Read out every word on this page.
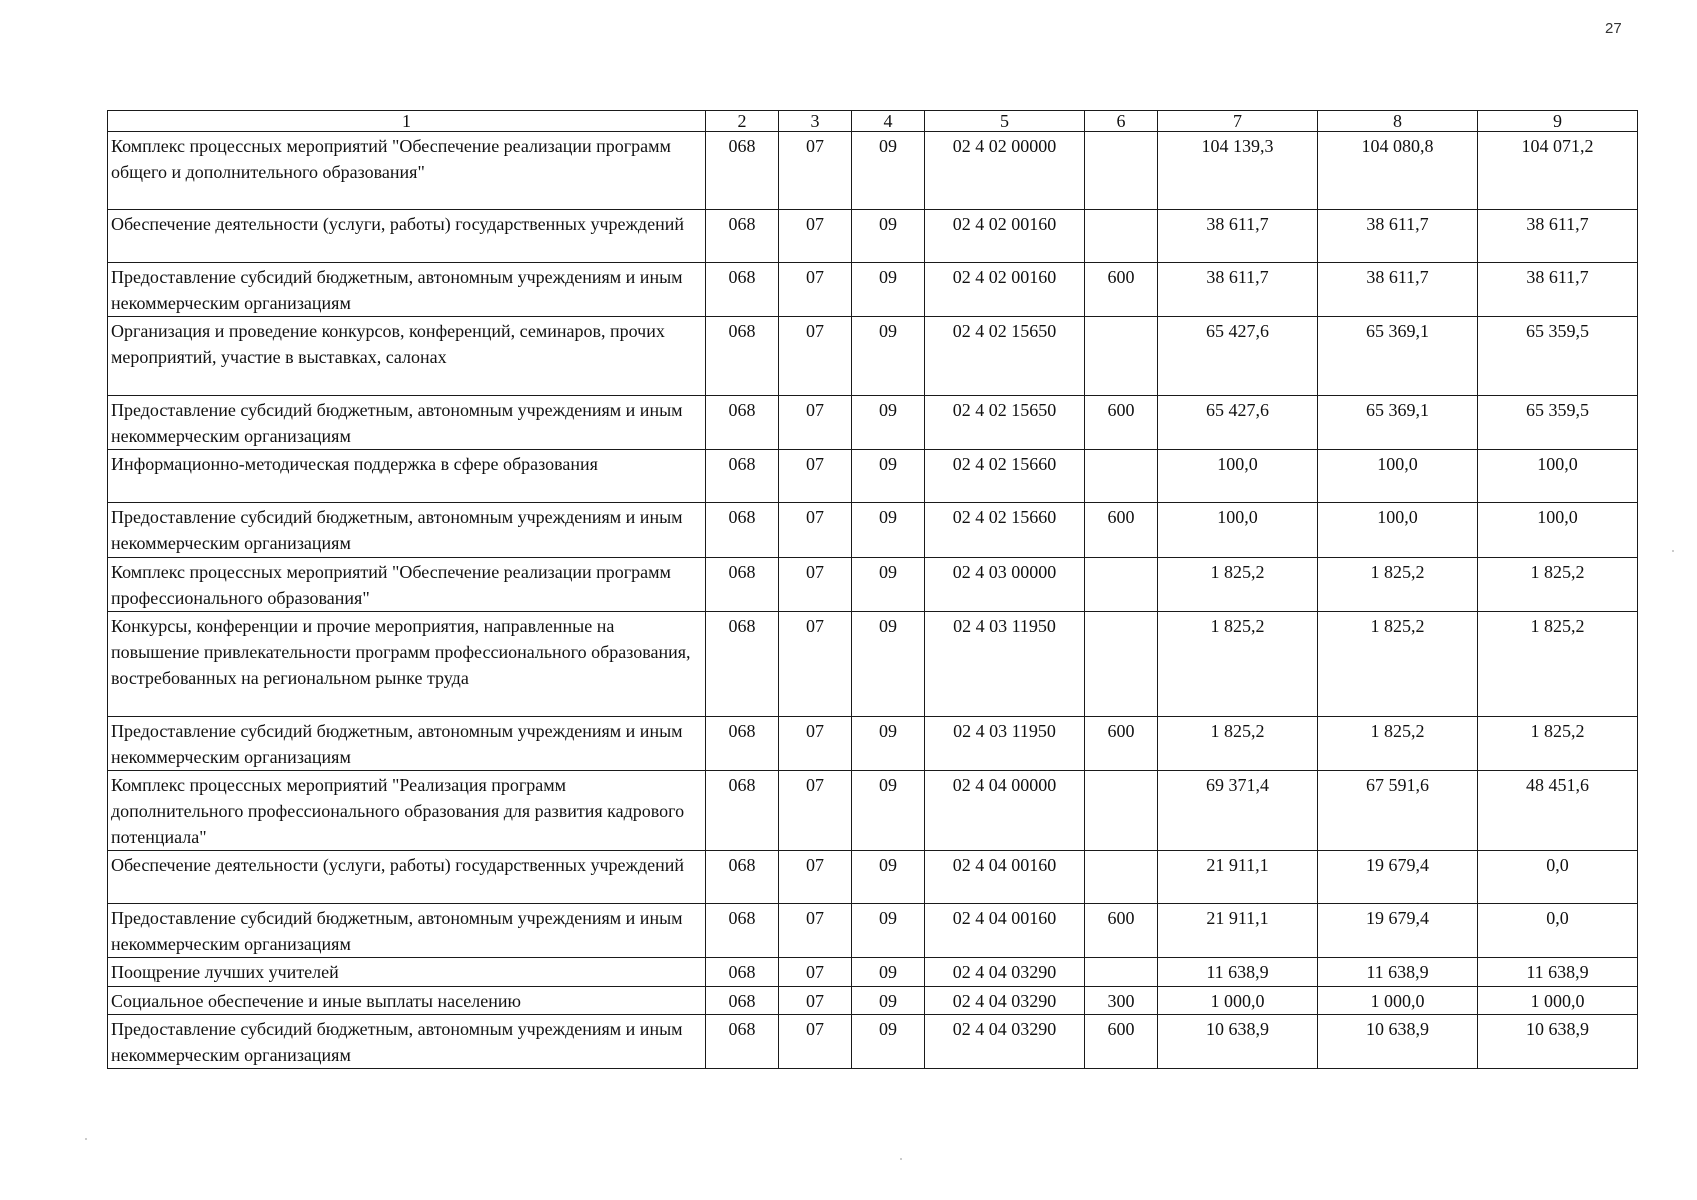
27
1	2	3	4	5	6	7	8	9
Комплекс процессных мероприятий "Обеспечение реализации программ общего и дополнительного образования"	068	07	09	02 4 02 00000		104 139,3	104 080,8	104 071,2
Обеспечение деятельности (услуги, работы) государственных учреждений	068	07	09	02 4 02 00160		38 611,7	38 611,7	38 611,7
Предоставление субсидий бюджетным, автономным учреждениям и иным некоммерческим организациям	068	07	09	02 4 02 00160	600	38 611,7	38 611,7	38 611,7
Организация и проведение конкурсов, конференций, семинаров, прочих мероприятий, участие в выставках, салонах	068	07	09	02 4 02 15650		65 427,6	65 369,1	65 359,5
Предоставление субсидий бюджетным, автономным учреждениям и иным некоммерческим организациям	068	07	09	02 4 02 15650	600	65 427,6	65 369,1	65 359,5
Информационно-методическая поддержка в сфере образования	068	07	09	02 4 02 15660		100,0	100,0	100,0
Предоставление субсидий бюджетным, автономным учреждениям и иным некоммерческим организациям	068	07	09	02 4 02 15660	600	100,0	100,0	100,0
Комплекс процессных мероприятий "Обеспечение реализации программ профессионального образования"	068	07	09	02 4 03 00000		1 825,2	1 825,2	1 825,2
Конкурсы, конференции и прочие мероприятия, направленные на повышение привлекательности программ профессионального образования, востребованных на региональном рынке труда	068	07	09	02 4 03 11950		1 825,2	1 825,2	1 825,2
Предоставление субсидий бюджетным, автономным учреждениям и иным некоммерческим организациям	068	07	09	02 4 03 11950	600	1 825,2	1 825,2	1 825,2
Комплекс процессных мероприятий "Реализация программ дополнительного профессионального образования для развития кадрового потенциала"	068	07	09	02 4 04 00000		69 371,4	67 591,6	48 451,6
Обеспечение деятельности (услуги, работы) государственных учреждений	068	07	09	02 4 04 00160		21 911,1	19 679,4	0,0
Предоставление субсидий бюджетным, автономным учреждениям и иным некоммерческим организациям	068	07	09	02 4 04 00160	600	21 911,1	19 679,4	0,0
Поощрение лучших учителей	068	07	09	02 4 04 03290		11 638,9	11 638,9	11 638,9
Социальное обеспечение и иные выплаты населению	068	07	09	02 4 04 03290	300	1 000,0	1 000,0	1 000,0
Предоставление субсидий бюджетным, автономным учреждениям и иным некоммерческим организациям	068	07	09	02 4 04 03290	600	10 638,9	10 638,9	10 638,9
